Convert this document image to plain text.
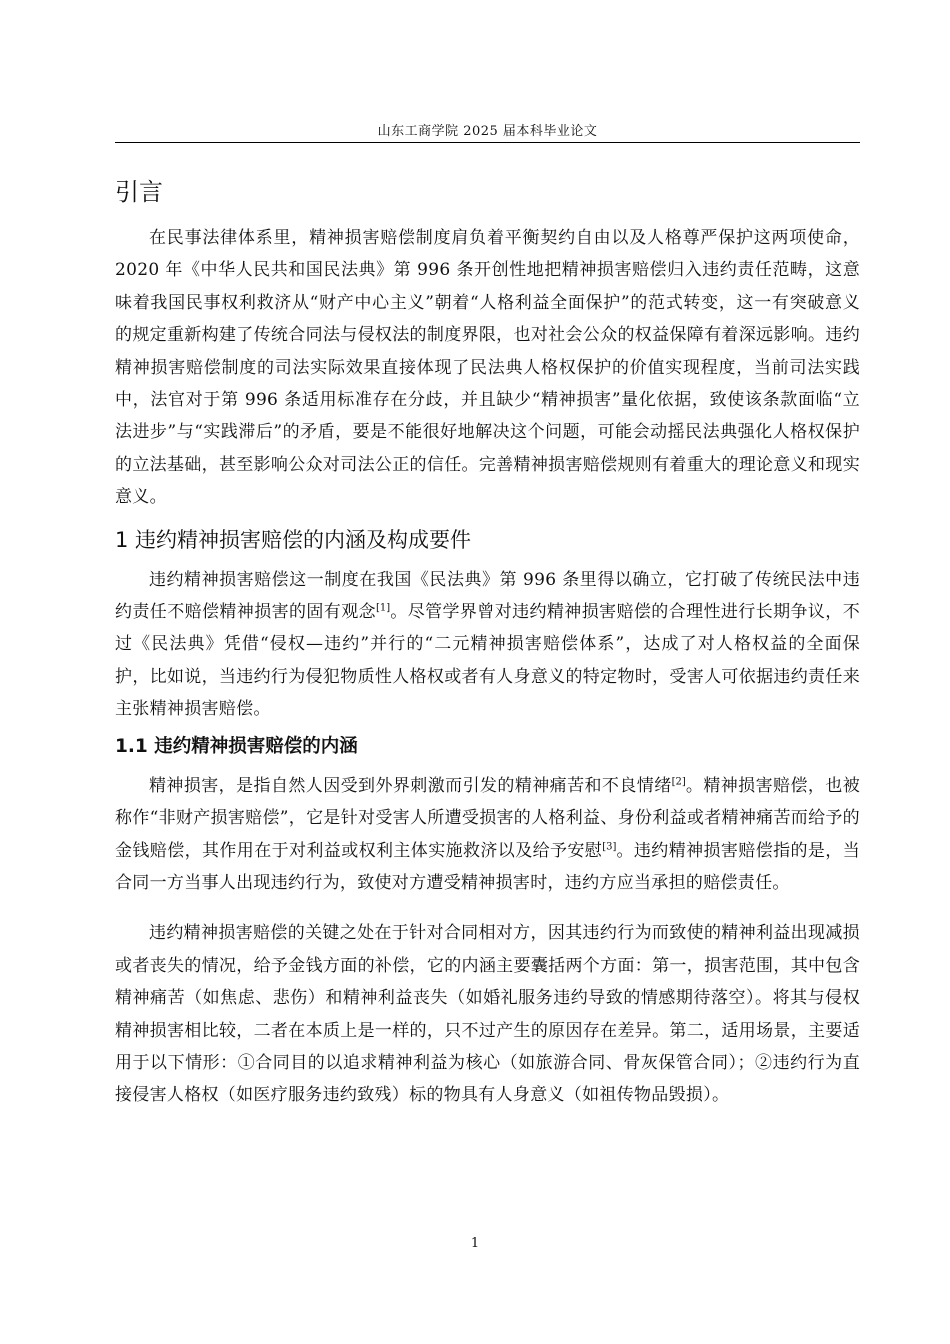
山东工商学院 2025 届本科毕业论文
引言

在民事法律体系里，精神损害赔偿制度肩负着平衡契约自由以及人格尊严保护这两项使命，2020 年《中华人民共和国民法典》第 996 条开创性地把精神损害赔偿归入违约责任范畴，这意味着我国民事权利救济从“财产中心主义”朝着“人格利益全面保护”的范式转变，这一有突破意义的规定重新构建了传统合同法与侵权法的制度界限，也对社会公众的权益保障有着深远影响。违约精神损害赔偿制度的司法实际效果直接体现了民法典人格权保护的价值实现程度，当前司法实践中，法官对于第 996 条适用标准存在分歧，并且缺少“精神损害”量化依据，致使该条款面临“立法进步”与“实践滞后”的矛盾，要是不能很好地解决这个问题，可能会动摇民法典强化人格权保护的立法基础，甚至影响公众对司法公正的信任。完善精神损害赔偿规则有着重大的理论意义和现实意义。

1 违约精神损害赔偿的内涵及构成要件

违约精神损害赔偿这一制度在我国《民法典》第 996 条里得以确立，它打破了传统民法中违约责任不赔偿精神损害的固有观念[1]。尽管学界曾对违约精神损害赔偿的合理性进行长期争议，不过《民法典》凭借“侵权—违约”并行的“二元精神损害赔偿体系”，达成了对人格权益的全面保护，比如说，当违约行为侵犯物质性人格权或者有人身意义的特定物时，受害人可依据违约责任来主张精神损害赔偿。

1.1 违约精神损害赔偿的内涵

精神损害，是指自然人因受到外界刺激而引发的精神痛苦和不良情绪[2]。精神损害赔偿，也被称作“非财产损害赔偿”，它是针对受害人所遭受损害的人格利益、身份利益或者精神痛苦而给予的金钱赔偿，其作用在于对利益或权利主体实施救济以及给予安慰[3]。违约精神损害赔偿指的是，当合同一方当事人出现违约行为，致使对方遭受精神损害时，违约方应当承担的赔偿责任。

违约精神损害赔偿的关键之处在于针对合同相对方，因其违约行为而致使的精神利益出现减损或者丧失的情况，给予金钱方面的补偿，它的内涵主要囊括两个方面：第一，损害范围，其中包含精神痛苦（如焦虑、悲伤）和精神利益丧失（如婚礼服务违约导致的情感期待落空）。将其与侵权精神损害相比较，二者在本质上是一样的，只不过产生的原因存在差异。第二，适用场景，主要适用于以下情形：①合同目的以追求精神利益为核心（如旅游合同、骨灰保管合同）；②违约行为直接侵害人格权（如医疗服务违约致残）标的物具有人身意义（如祖传物品毁损）。

1
